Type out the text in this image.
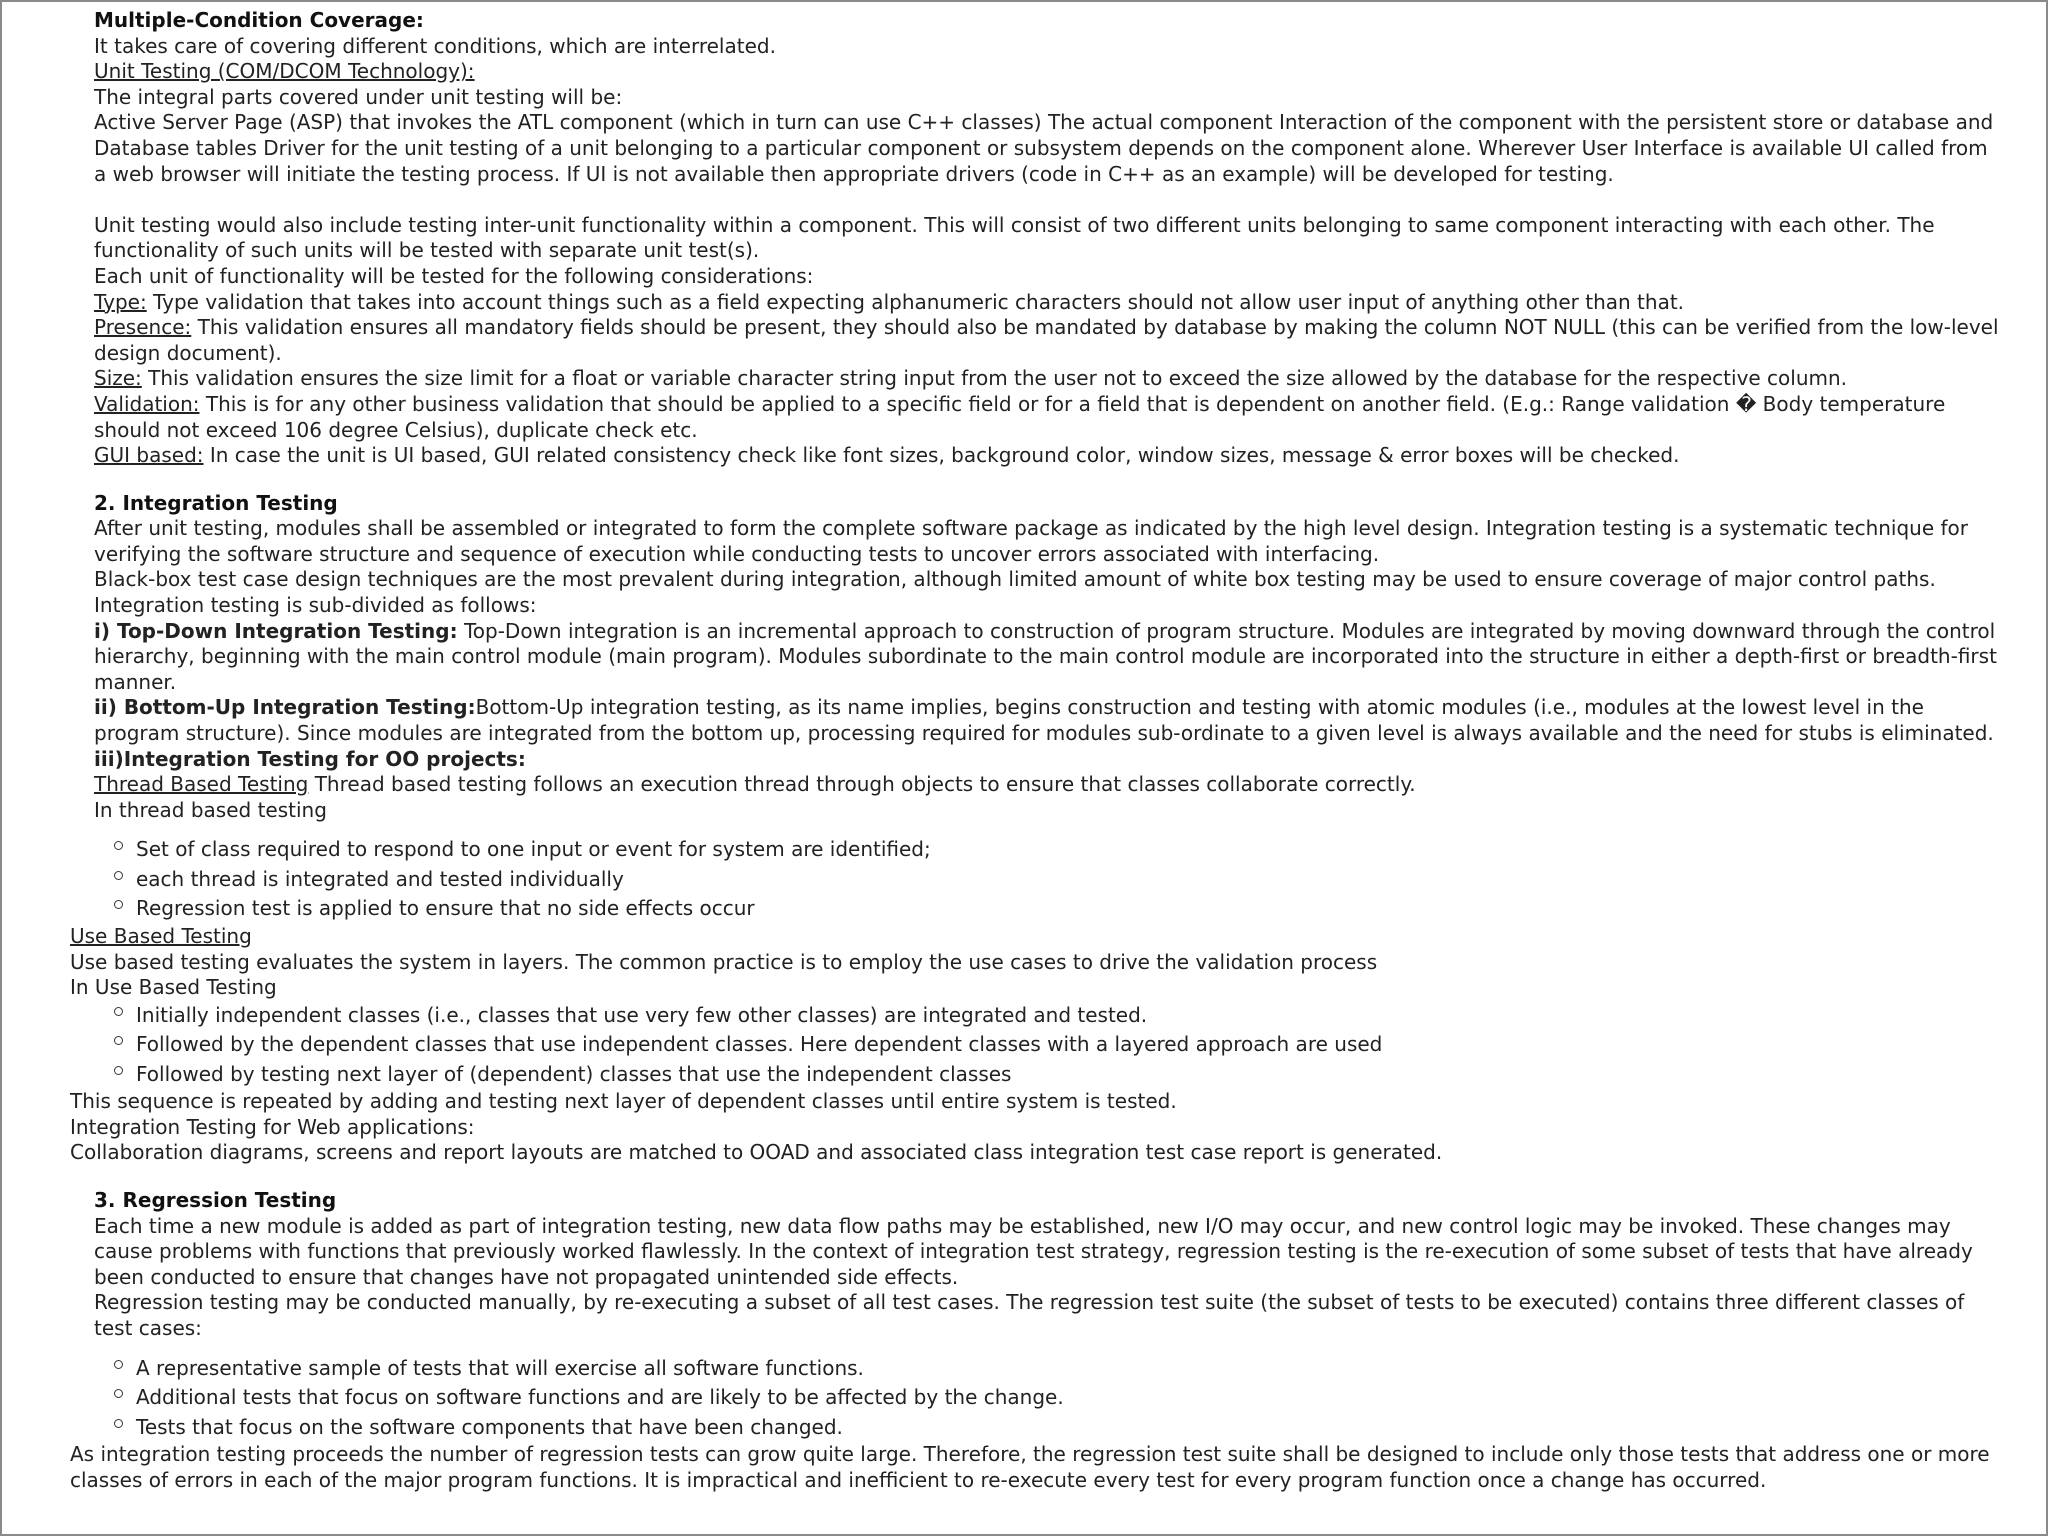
Multiple-Condition Coverage:

It takes care of covering different conditions, which are interrelated.

Unit Testing (COM/DCOM Technology):

The integral parts covered under unit testing will be:

Active Server Page (ASP) that invokes the ATL component (which in turn can use C++ classes) The actual component Interaction of the component with the persistent store or database and Database tables Driver for the unit testing of a unit belonging to a particular component or subsystem depends on the component alone. Wherever User Interface is available UI called from a web browser will initiate the testing process. If UI is not available then appropriate drivers (code in C++ as an example) will be developed for testing.

Unit testing would also include testing inter-unit functionality within a component. This will consist of two different units belonging to same component interacting with each other. The functionality of such units will be tested with separate unit test(s).

Each unit of functionality will be tested for the following considerations:

Type: Type validation that takes into account things such as a field expecting alphanumeric characters should not allow user input of anything other than that.

Presence: This validation ensures all mandatory fields should be present, they should also be mandated by database by making the column NOT NULL (this can be verified from the low-level design document).

Size: This validation ensures the size limit for a float or variable character string input from the user not to exceed the size allowed by the database for the respective column.

Validation: This is for any other business validation that should be applied to a specific field or for a field that is dependent on another field. (E.g.: Range validation � Body temperature should not exceed 106 degree Celsius), duplicate check etc.

GUI based: In case the unit is UI based, GUI related consistency check like font sizes, background color, window sizes, message & error boxes will be checked.

2. Integration Testing

After unit testing, modules shall be assembled or integrated to form the complete software package as indicated by the high level design. Integration testing is a systematic technique for verifying the software structure and sequence of execution while conducting tests to uncover errors associated with interfacing.

Black-box test case design techniques are the most prevalent during integration, although limited amount of white box testing may be used to ensure coverage of major control paths.

Integration testing is sub-divided as follows:

i) Top-Down Integration Testing: Top-Down integration is an incremental approach to construction of program structure. Modules are integrated by moving downward through the control hierarchy, beginning with the main control module (main program). Modules subordinate to the main control module are incorporated into the structure in either a depth-first or breadth-first manner.

ii) Bottom-Up Integration Testing:Bottom-Up integration testing, as its name implies, begins construction and testing with atomic modules (i.e., modules at the lowest level in the program structure). Since modules are integrated from the bottom up, processing required for modules sub-ordinate to a given level is always available and the need for stubs is eliminated.

iii)Integration Testing for OO projects:

Thread Based Testing Thread based testing follows an execution thread through objects to ensure that classes collaborate correctly.

In thread based testing

Set of class required to respond to one input or event for system are identified;
each thread is integrated and tested individually
Regression test is applied to ensure that no side effects occur

Use Based Testing

Use based testing evaluates the system in layers. The common practice is to employ the use cases to drive the validation process

In Use Based Testing

Initially independent classes (i.e., classes that use very few other classes) are integrated and tested.
Followed by the dependent classes that use independent classes. Here dependent classes with a layered approach are used
Followed by testing next layer of (dependent) classes that use the independent classes

This sequence is repeated by adding and testing next layer of dependent classes until entire system is tested.

Integration Testing for Web applications:

Collaboration diagrams, screens and report layouts are matched to OOAD and associated class integration test case report is generated.

3. Regression Testing

Each time a new module is added as part of integration testing, new data flow paths may be established, new I/O may occur, and new control logic may be invoked. These changes may cause problems with functions that previously worked flawlessly. In the context of integration test strategy, regression testing is the re-execution of some subset of tests that have already been conducted to ensure that changes have not propagated unintended side effects.

Regression testing may be conducted manually, by re-executing a subset of all test cases. The regression test suite (the subset of tests to be executed) contains three different classes of test cases:

A representative sample of tests that will exercise all software functions.
Additional tests that focus on software functions and are likely to be affected by the change.
Tests that focus on the software components that have been changed.

As integration testing proceeds the number of regression tests can grow quite large. Therefore, the regression test suite shall be designed to include only those tests that address one or more classes of errors in each of the major program functions. It is impractical and inefficient to re-execute every test for every program function once a change has occurred.
